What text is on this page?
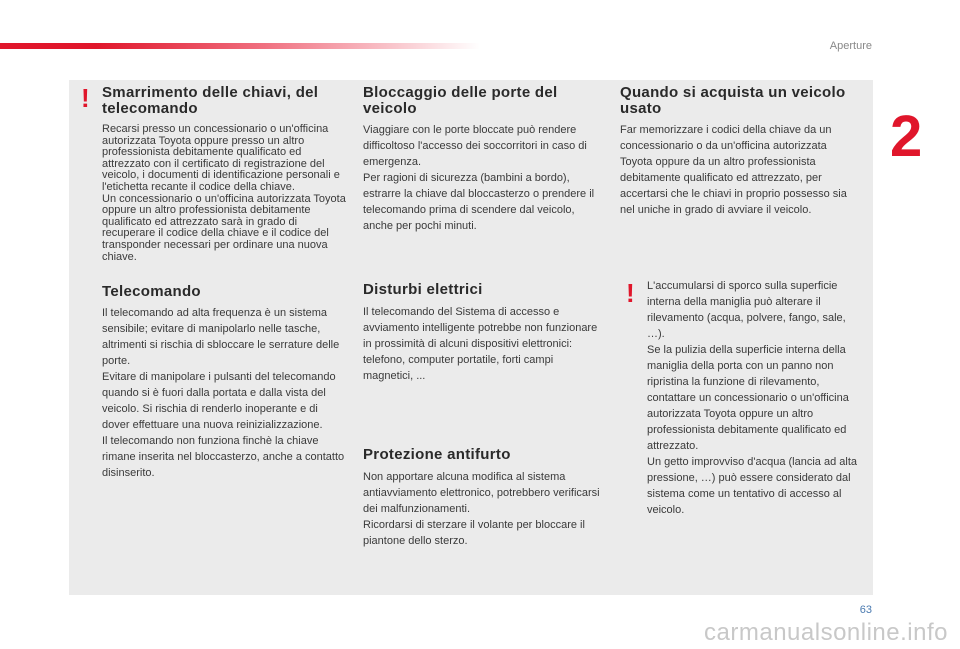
Aperture
2
! Smarrimento delle chiavi, del telecomando

Recarsi presso un concessionario o un'officina autorizzata Toyota oppure presso un altro professionista debitamente qualificato ed attrezzato con il certificato di registrazione del veicolo, i documenti di identificazione personali e l'etichetta recante il codice della chiave.
Un concessionario o un'officina autorizzata Toyota oppure un altro professionista debitamente qualificato ed attrezzato sarà in grado di recuperare il codice della chiave e il codice del transponder necessari per ordinare una nuova chiave.

Telecomando

Il telecomando ad alta frequenza è un sistema sensibile; evitare di manipolarlo nelle tasche, altrimenti si rischia di sbloccare le serrature delle porte.
Evitare di manipolare i pulsanti del telecomando quando si è fuori dalla portata e dalla vista del veicolo. Si rischia di renderlo inoperante e di dover effettuare una nuova reinizializzazione.
Il telecomando non funziona finchè la chiave rimane inserita nel bloccasterzo, anche a contatto disinserito.

Bloccaggio delle porte del veicolo

Viaggiare con le porte bloccate può rendere difficoltoso l'accesso dei soccorritori in caso di emergenza.
Per ragioni di sicurezza (bambini a bordo), estrarre la chiave dal bloccasterzo o prendere il telecomando prima di scendere dal veicolo, anche per pochi minuti.

Disturbi elettrici

Il telecomando del Sistema di accesso e avviamento intelligente potrebbe non funzionare in prossimità di alcuni dispositivi elettronici: telefono, computer portatile, forti campi magnetici, ...

Protezione antifurto

Non apportare alcuna modifica al sistema antiavviamento elettronico, potrebbero verificarsi dei malfunzionamenti.
Ricordarsi di sterzare il volante per bloccare il piantone dello sterzo.

Quando si acquista un veicolo usato

Far memorizzare i codici della chiave da un concessionario o da un'officina autorizzata Toyota oppure da un altro professionista debitamente qualificato ed attrezzato, per accertarsi che le chiavi in proprio possesso sia nel uniche in grado di avviare il veicolo.

! L'accumularsi di sporco sulla superficie interna della maniglia può alterare il rilevamento (acqua, polvere, fango, sale, …).
Se la pulizia della superficie interna della maniglia della porta con un panno non ripristina la funzione di rilevamento, contattare un concessionario o un'officina autorizzata Toyota oppure un altro professionista debitamente qualificato ed attrezzato.
Un getto improvviso d'acqua (lancia ad alta pressione, …) può essere considerato dal sistema come un tentativo di accesso al veicolo.

63
carmanualsonline.info
